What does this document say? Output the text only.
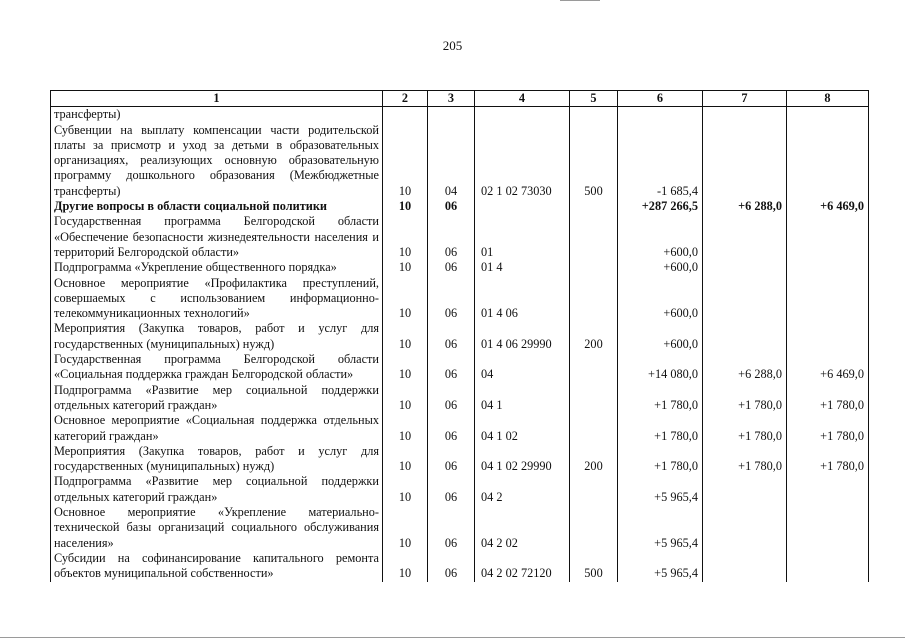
205
1	2	3	4	5	6	7	8
трансферты)							
Субвенции на выплату компенсации части родительской платы за присмотр и уход за детьми в образовательных организациях, реализующих основную образовательную программу дошкольного образования (Межбюджетные трансферты)	10	04	02 1 02 73030	500	-1 685,4		
Другие вопросы в области социальной политики	10	06			+287 266,5	+6 288,0	+6 469,0
Государственная программа Белгородской области «Обеспечение безопасности жизнедеятельности населения и территорий Белгородской области»	10	06	01		+600,0		
Подпрограмма «Укрепление общественного порядка»	10	06	01 4		+600,0		
Основное мероприятие «Профилактика преступлений, совершаемых с использованием информационно-телекоммуникационных технологий»	10	06	01 4 06		+600,0		
Мероприятия (Закупка товаров, работ и услуг для государственных (муниципальных) нужд)	10	06	01 4 06 29990	200	+600,0		
Государственная программа Белгородской области «Социальная поддержка граждан Белгородской области»	10	06	04		+14 080,0	+6 288,0	+6 469,0
Подпрограмма «Развитие мер социальной поддержки отдельных категорий граждан»	10	06	04 1		+1 780,0	+1 780,0	+1 780,0
Основное мероприятие «Социальная поддержка отдельных категорий граждан»	10	06	04 1 02		+1 780,0	+1 780,0	+1 780,0
Мероприятия (Закупка товаров, работ и услуг для государственных (муниципальных) нужд)	10	06	04 1 02 29990	200	+1 780,0	+1 780,0	+1 780,0
Подпрограмма «Развитие мер социальной поддержки отдельных категорий граждан»	10	06	04 2		+5 965,4		
Основное мероприятие «Укрепление материально-технической базы организаций социального обслуживания населения»	10	06	04 2 02		+5 965,4		
Субсидии на софинансирование капитального ремонта объектов муниципальной собственности»	10	06	04 2 02 72120	500	+5 965,4		
